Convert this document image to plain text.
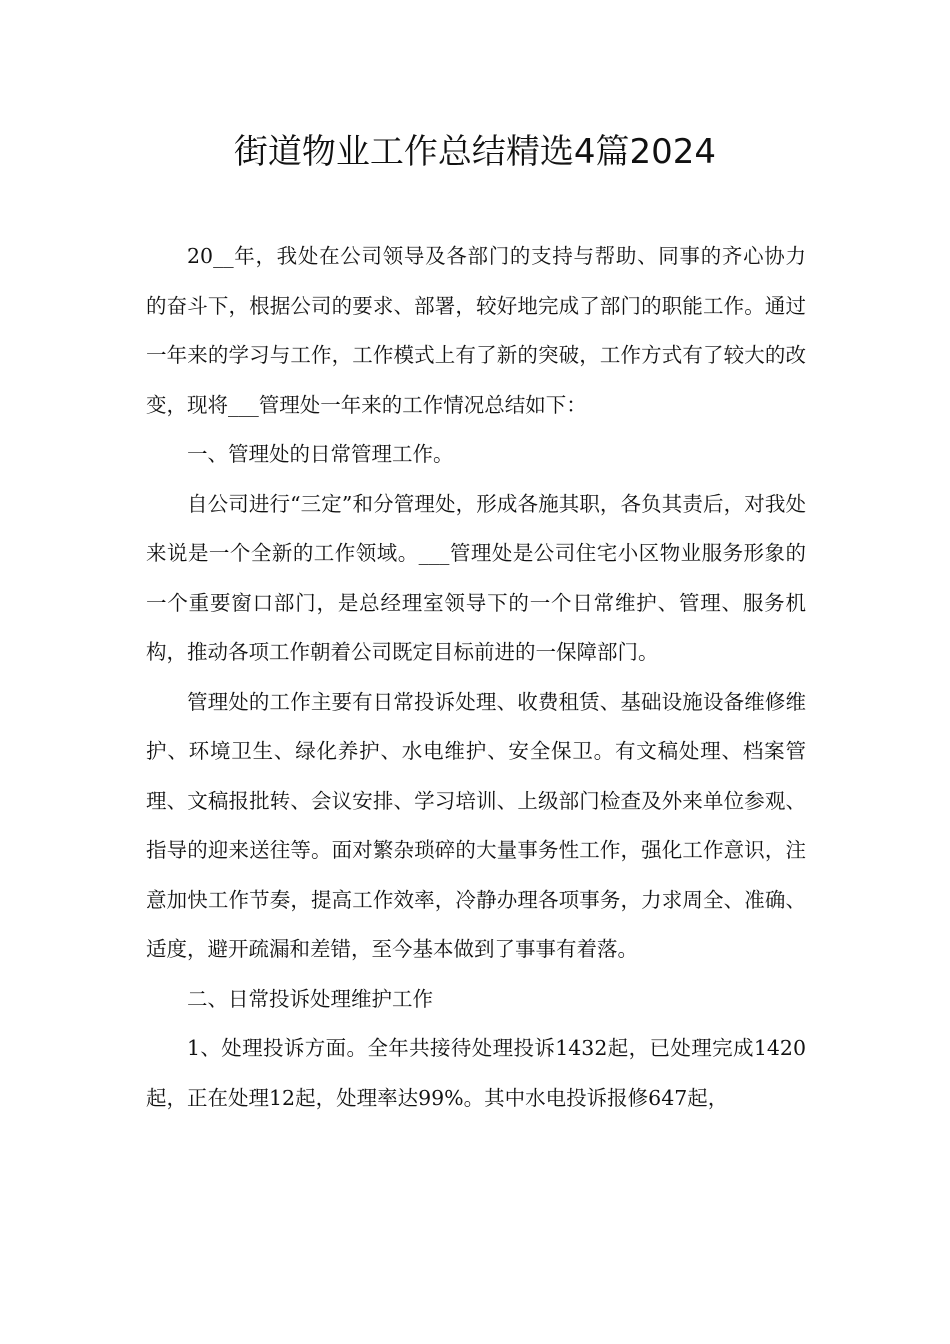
街道物业工作总结精选4篇2024

20__年，我处在公司领导及各部门的支持与帮助、同事的齐心协力的奋斗下，根据公司的要求、部署，较好地完成了部门的职能工作。通过一年来的学习与工作，工作模式上有了新的突破，工作方式有了较大的改变，现将___管理处一年来的工作情况总结如下：

一、管理处的日常管理工作。

自公司进行“三定”和分管理处，形成各施其职，各负其责后，对我处来说是一个全新的工作领域。___管理处是公司住宅小区物业服务形象的一个重要窗口部门，是总经理室领导下的一个日常维护、管理、服务机构，推动各项工作朝着公司既定目标前进的一保障部门。

管理处的工作主要有日常投诉处理、收费租赁、基础设施设备维修维护、环境卫生、绿化养护、水电维护、安全保卫。有文稿处理、档案管理、文稿报批转、会议安排、学习培训、上级部门检查及外来单位参观、指导的迎来送往等。面对繁杂琐碎的大量事务性工作，强化工作意识，注意加快工作节奏，提高工作效率，冷静办理各项事务，力求周全、准确、适度，避开疏漏和差错，至今基本做到了事事有着落。

二、日常投诉处理维护工作

1、处理投诉方面。全年共接待处理投诉1432起，已处理完成1420起，正在处理12起，处理率达99%。其中水电投诉报修647起，
